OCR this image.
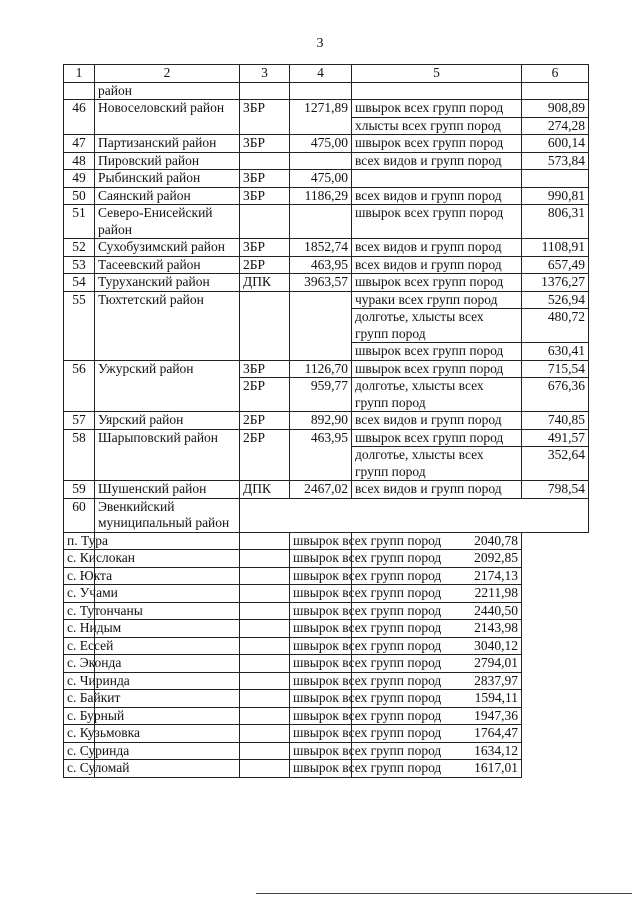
3
1	2	3	4	5	6
	район				
46	Новоселовский район	3БР	1271,89	швырок всех групп пород	908,89
				хлысты всех групп пород	274,28
47	Партизанский район	3БР	475,00	швырок всех групп пород	600,14
48	Пировский район			всех видов и групп пород	573,84
49	Рыбинский район	3БР	475,00		
50	Саянский район	3БР	1186,29	всех видов и групп пород	990,81
51	Северо-Енисейский район			швырок всех групп пород	806,31
52	Сухобузимский район	3БР	1852,74	всех видов и групп пород	1108,91
53	Тасеевский район	2БР	463,95	всех видов и групп пород	657,49
54	Туруханский район	ДПК	3963,57	швырок всех групп пород	1376,27
55	Тюхтетский район			чураки всех групп пород	526,94
				долготье, хлысты всех групп пород	480,72
				швырок всех групп пород	630,41
56	Ужурский район	3БР	1126,70	швырок всех групп пород	715,54
		2БР	959,77	долготье, хлысты всех групп пород	676,36
57	Уярский район	2БР	892,90	всех видов и групп пород	740,85
58	Шарыповский район	2БР	463,95	швырок всех групп пород	491,57
				долготье, хлысты всех групп пород	352,64
59	Шушенский район	ДПК	2467,02	всех видов и групп пород	798,54
60	Эвенкийский муниципальный район				
п. Тура			швырок всех групп пород	2040,78	
с. Кислокан			швырок всех групп пород	2092,85	
с. Юкта			швырок всех групп пород	2174,13	
с. Учами			швырок всех групп пород	2211,98	
с. Тутончаны			швырок всех групп пород	2440,50	
с. Нидым			швырок всех групп пород	2143,98	
с. Ессей			швырок всех групп пород	3040,12	
с. Эконда			швырок всех групп пород	2794,01	
с. Чиринда			швырок всех групп пород	2837,97	
с. Байкит			швырок всех групп пород	1594,11	
с. Бурный			швырок всех групп пород	1947,36	
с. Кузьмовка			швырок всех групп пород	1764,47	
с. Суринда			швырок всех групп пород	1634,12	
с. Суломай			швырок всех групп пород	1617,01	
